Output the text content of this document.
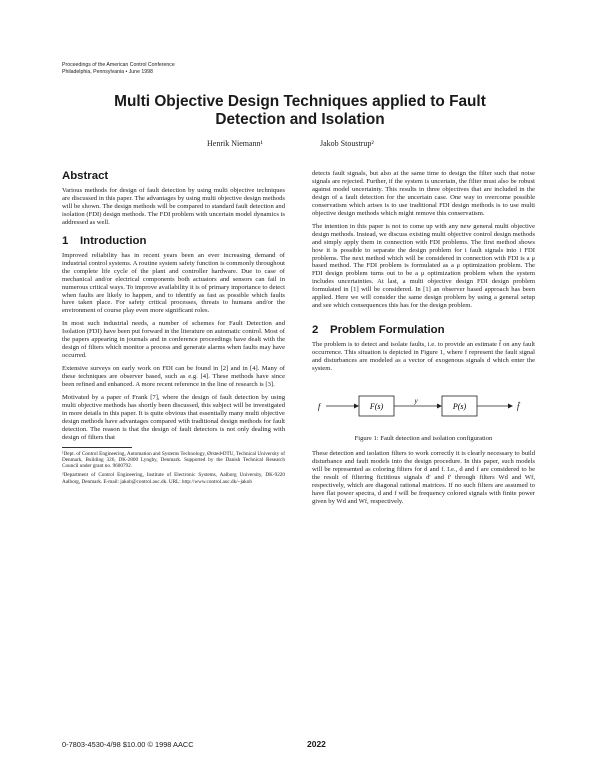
Proceedings of the American Control Conference
Philadelphia, Pennsylvania • June 1998
Multi Objective Design Techniques applied to Fault
Detection and Isolation
Henrik Niemann¹	Jakob Stoustrup²
Abstract

Various methods for design of fault detection by using multi objective techniques are discussed in this paper. The advantages by using multi objective design methods will be shown. The design methods will be compared to standard fault detection and isolation (FDI) design methods. The FDI problem with uncertain model dynamics is addressed as well.

1 Introduction

Improved reliability has in recent years been an ever increasing demand of industrial control systems. A routine system safety function is commonly throughout the complete life cycle of the plant and controller hardware. Due to case of mechanical and/or electrical components both actuators and sensors can fail in numerous critical ways. To improve availability it is of primary importance to detect when faults are likely to happen, and to identify as fast as possible which faults have taken place. For safety critical processes, threats to humans and/or the environment of course play even more significant roles.

In most such industrial needs, a number of schemes for Fault Detection and Isolation (FDI) have been put forward in the literature on automatic control. Most of the papers appearing in journals and in conference proceedings have dealt with the design of filters which monitor a process and generate alarms when faults may have occurred.

Extensive surveys on early work on FDI can be found in [2] and in [4]. Many of these techniques are observer based, such as e.g. [4]. These methods have since been refined and enhanced. A more recent reference in the line of research is [3].

Motivated by a paper of Frank [7], where the design of fault detection by using multi objective methods has shortly been discussed, this subject will be investigated in more details in this paper. It is quite obvious that essentially many multi objective design methods have advantages compared with traditional design methods for fault detection. The reason is that the design of fault detectors is not only dealing with design of filters that

¹Dept. of Control Engineering, Automation and Systems Technology, Ørsted•DTU, Technical University of Denmark, Building 326, DK-2800 Lyngby, Denmark. Supported by the Danish Technical Research Council under grant no. 9600792.
²Department of Control Engineering, Institute of Electronic Systems, Aalborg University, DK-9220 Aalborg, Denmark. E-mail: jakob@control.auc.dk. URL: http://www.control.auc.dk/~jakob

detects fault signals, but also at the same time to design the filter such that noise signals are rejected. Further, if the system is uncertain, the filter must also be robust against model uncertainty. This results in three objectives that are included in the design of a fault detection for the uncertain case. One way to overcome possible conservatism which arises is to use traditional FDI design methods is to use multi objective design methods which might remove this conservatism.

The intention in this paper is not to come up with any new general multi objective design methods. Instead, we discuss existing multi objective control design methods and simply apply them in connection with FDI problems. The first method shows how it is possible to separate the design problem for i fault signals into i FDI problems. The next method which will be considered in connection with FDI is a μ based method. The FDI problem is formulated as a μ optimization problem. The FDI design problem turns out to be a μ optimization problem when the system includes uncertainties. At last, a multi objective design FDI design problem formulated in [1] will be considered. In [1] an observer based approach has been applied. Here we will consider the same design problem by using a general setup and see which consequences this has for the design problem.

2 Problem Formulation

The problem is to detect and isolate faults, i.e. to provide an estimate f̂ on any fault occurrence. This situation is depicted in Figure 1, where f represent the fault signal and disturbances are modeled as a vector of exogenous signals d which enter the system.

f	F(s)
y
P(s)	f̂
Figure 1: Fault detection and isolation configuration

These detection and isolation filters to work correctly it is clearly necessary to build disturbance and fault models into the design procedure. In this paper, such models will be represented as coloring filters for d and f. I.e., d and f are considered to be the result of filtering fictitious signals d' and f' through filters Wd and Wf, respectively, which are diagonal rational matrices. If no such filters are assumed to have flat power spectra, d and f will be frequency colored signals with finite power given by Wd and Wf, respectively.

0-7803-4530-4/98 $10.00 © 1998 AACC	2022
